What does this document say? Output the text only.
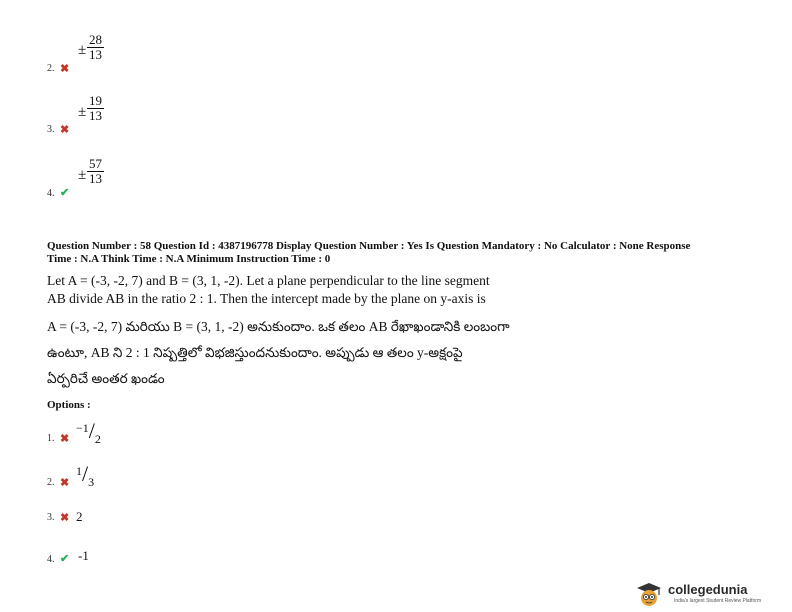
2. ✖
± $\frac{28}{13}$
3. ✖
± $\frac{19}{13}$
4. ✔
± $\frac{57}{13}$
Question Number : 58 Question Id : 4387196778 Display Question Number : Yes Is Question Mandatory : No Calculator : None Response
Time : N.A Think Time : N.A Minimum Instruction Time : 0
Let A = (-3, -2, 7) and B = (3, 1, -2). Let a plane perpendicular to the line segment
AB divide AB in the ratio 2 : 1. Then the intercept made by the plane on y-axis is
A = (-3, -2, 7) మరియు B = (3, 1, -2) అనుకుందాం. ఒక తలం AB రేఖాఖండానికి లంబంగా
ఉంటూ, AB ని 2 : 1 నిష్పత్తిలో విభజిస్తుందనుకుందాం. అప్పుడు ఆ తలం y-అక్షంపై
ఏర్పరిచే అంతర ఖండం
Options :
1. ✖
$^{-1}/_2$
2. ✖
$^1/_3$
3. ✖ 2
4. ✔ -1
collegedunia
India's largest Student Review Platform
